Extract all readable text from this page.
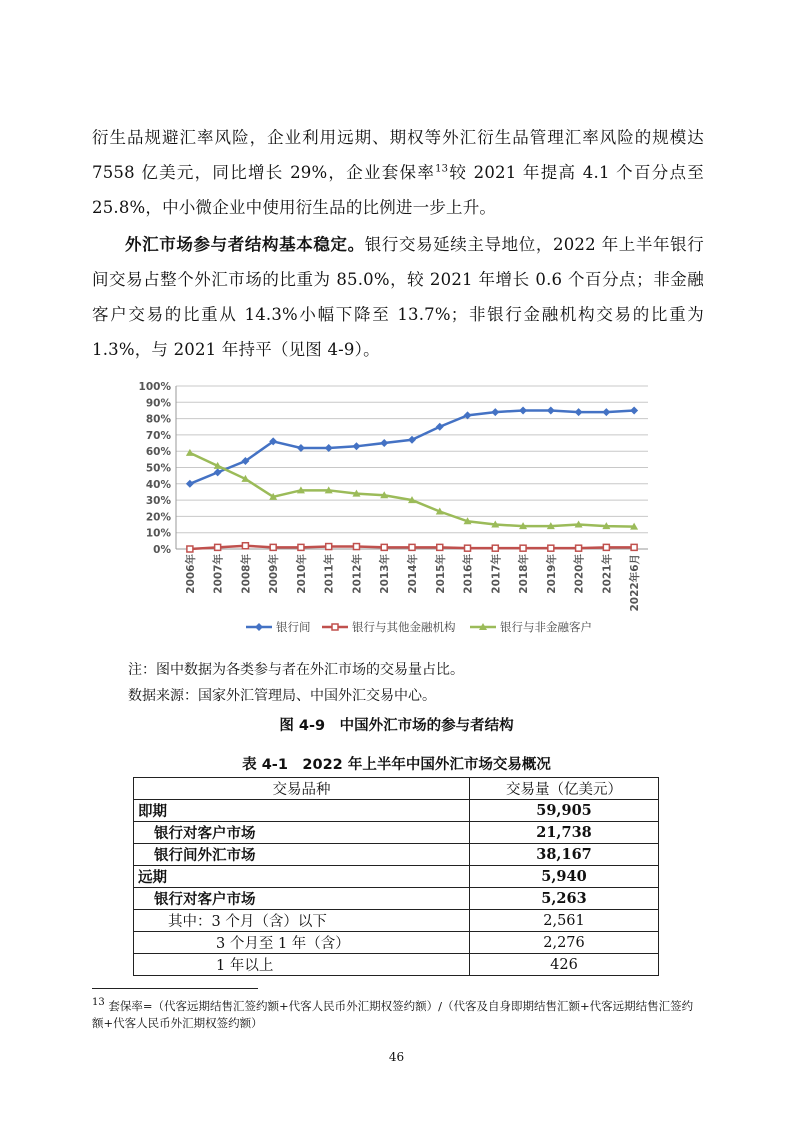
衍生品规避汇率风险，企业利用远期、期权等外汇衍生品管理汇率风险的规模达 7558 亿美元，同比增长 29%，企业套保率$^{13}$较 2021 年提高 4.1 个百分点至 25.8%，中小微企业中使用衍生品的比例进一步上升。
外汇市场参与者结构基本稳定。银行交易延续主导地位，2022 年上半年银行间交易占整个外汇市场的比重为 85.0%，较 2021 年增长 0.6 个百分点；非金融客户交易的比重从 14.3%小幅下降至 13.7%；非银行金融机构交易的比重为 1.3%，与 2021 年持平（见图 4-9）。
0%
10%
20%
30%
40%
50%
60%
70%
80%
90%
100%
2006年 2007年 2008年 2009年 2010年 2011年 2012年 2013年 2014年 2015年 2016年 2017年 2018年 2019年 2020年 2021年 2022年6月
银行间	银行与其他金融机构	银行与非金融客户
注：图中数据为各类参与者在外汇市场的交易量占比。
数据来源：国家外汇管理局、中国外汇交易中心。
图 4-9　中国外汇市场的参与者结构
表 4-1　2022 年上半年中国外汇市场交易概况
交易品种	交易量（亿美元）
即期	59,905
银行对客户市场	21,738
银行间外汇市场	38,167
远期	5,940
银行对客户市场	5,263
其中：3 个月（含）以下	2,561
3 个月至 1 年（含）	2,276
1 年以上	426
$^{13}$ 套保率=（代客远期结售汇签约额+代客人民币外汇期权签约额）/（代客及自身即期结售汇额+代客远期结售汇签约额+代客人民币外汇期权签约额）
46
